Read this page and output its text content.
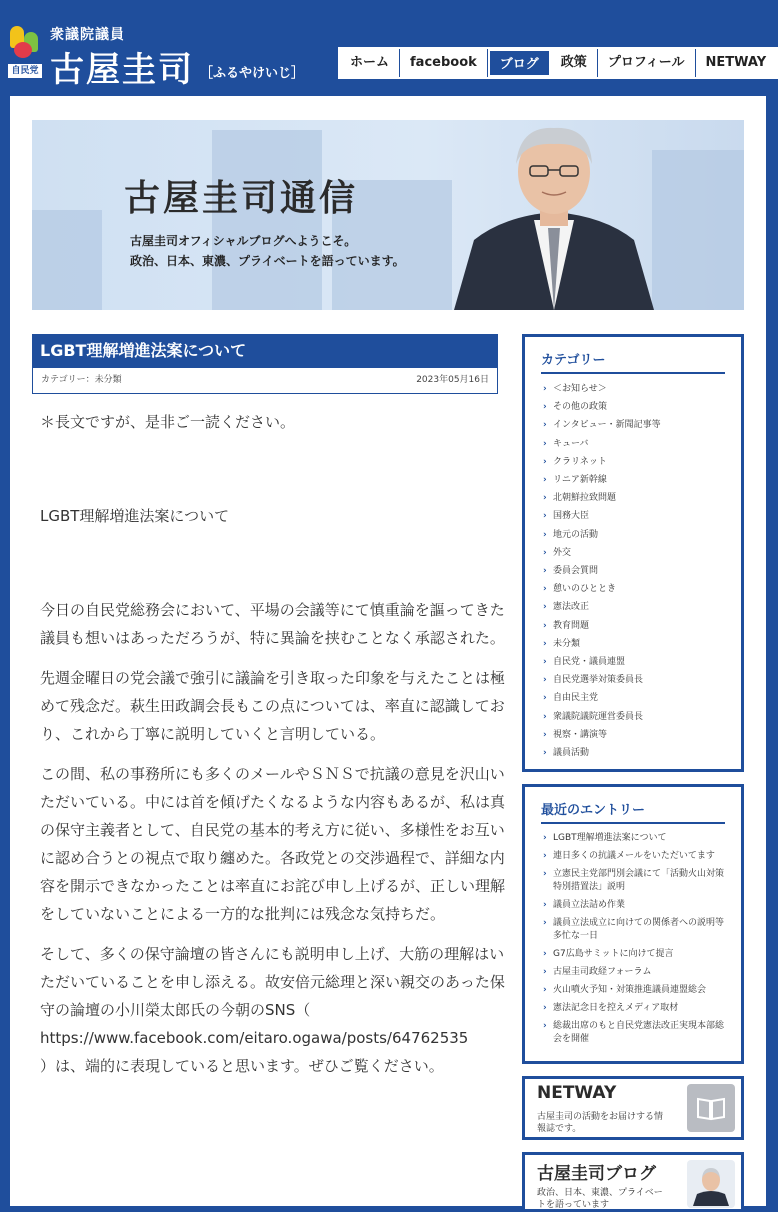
自民党
衆議院議員
古屋圭司 ［ふるやけいじ］
ホーム	facebook	ブログ	政策	プロフィール	NETWAY
古屋圭司通信
古屋圭司オフィシャルブログへようこそ。
政治、日本、東濃、プライベートを語っています。
LGBT理解増進法案について
カテゴリー：未分類	2023年05月16日

＊長文ですが、是非ご一読ください。

LGBT理解増進法案について

今日の自民党総務会において、平場の会議等にて慎重論を謳ってきた議員も想いはあっただろうが、特に異論を挟むことなく承認された。

先週金曜日の党会議で強引に議論を引き取った印象を与えたことは極めて残念だ。萩生田政調会長もこの点については、率直に認識しており、これから丁寧に説明していくと言明している。

この間、私の事務所にも多くのメールやＳＮＳで抗議の意見を沢山いただいている。中には首を傾げたくなるような内容もあるが、私は真の保守主義者として、自民党の基本的考え方に従い、多様性をお互いに認め合うとの視点で取り纏めた。各政党との交渉過程で、詳細な内容を開示できなかったことは率直にお詫び申し上げるが、正しい理解をしていないことによる一方的な批判には残念な気持ちだ。

そして、多くの保守論壇の皆さんにも説明申し上げ、大筋の理解はいただいていることを申し添える。故安倍元総理と深い親交のあった保守の論壇の小川榮太郎氏の今朝のSNS（
https://www.facebook.com/eitaro.ogawa/posts/64762535
）は、端的に表現していると思います。ぜひご覧ください。

カテゴリー
› ＜お知らせ＞
› その他の政策
› インタビュー・新聞記事等
› キューバ
› クラリネット
› リニア新幹線
› 北朝鮮拉致問題
› 国務大臣
› 地元の活動
› 外交
› 委員会質問
› 憩いのひととき
› 憲法改正
› 教育問題
› 未分類
› 自民党・議員連盟
› 自民党選挙対策委員長
› 自由民主党
› 衆議院議院運営委員長
› 視察・講演等
› 議員活動
最近のエントリー
› LGBT理解増進法案について
› 連日多くの抗議メールをいただいてます
› 立憲民主党部門別会議にて「活動火山対策特別措置法」説明
› 議員立法詰め作業
› 議員立法成立に向けての関係者への説明等多忙な一日
› G7広島サミットに向けて提言
› 古屋圭司政経フォーラム
› 火山噴火予知・対策推進議員連盟総会
› 憲法記念日を控えメディア取材
› 総裁出席のもと自民党憲法改正実現本部総会を開催
NETWAY
古屋圭司の活動をお届けする情報誌です。
古屋圭司ブログ
政治、日本、東濃、プライベートを語っています
